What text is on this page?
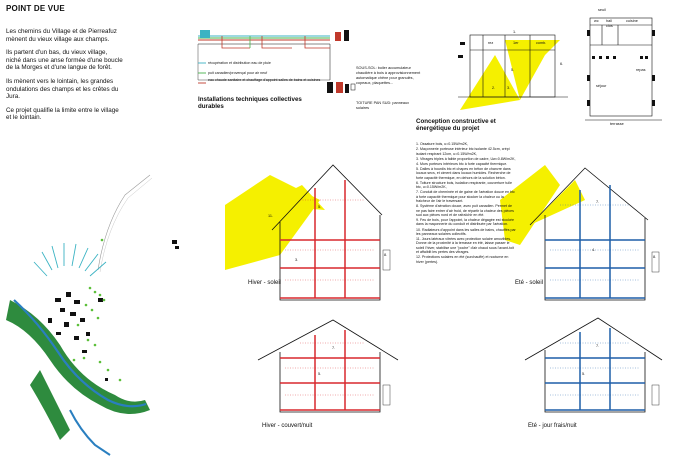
POINT DE VUE

Les chemins du Village et de Pierreafuz mènent du vieux village aux champs.

Ils partent d'un bas, du vieux village, niché dans une anse formée d'une boucle de la Morges et d'une langue de forêt.

Ils mènent vers le lointain, les grandes ondulations des champs et les crêtes du Jura.

Ce projet qualifie la limite entre le village et le lointain.

récupération et distribution eau de pluie
puit canadien/provençal pour air neuf
eau chaude sanitaire et chauffage d'appoint salles de bains et cuisines
Installations techniques collectives durables
SOUS-SOL: boiler accumulateur chaudière à bois à approvisionnement automatique chêne pour granulés, copeaux, plaquettes...
TOITURE PAN SUD: panneaux solaires
Conception constructive et énergétique du projet
1. Ossature bois, u=0.15W/m2K,
2. Maçonnerie porteuse intérieur btc isolante 42.5cm, crépi isolant respirant 12cm, u=0.15W/m2K,
3. Vitrages triples à faible proportion de cadre, Uw=0.8W/m2K,
4. Murs porteurs intérieurs btc à forte capacité thermique.
5. Dalles à hourdis btc et chapes en béton de chanvre dans locaux secs, et ciment dans locaux humides. Recherche de forte capacité thermique, en dehors de la solution béton.
6. Toiture structure bois, isolation respirante, couverture tuile btc, u=0.15W/m2K,
7. Conduit de cheminée et de gaine de l'aération douce en btc à forte capacité thermique pour stocker la chaleur ou la fraicheur de l'air le traversant.
8. Système d'aération douce, avec puit canadien. Permet de ne pas faire entrer d'air froid, de répartir la chaleur des pièces sud aux pièces nord et de rafraîchir en été.
9. Feu de bois, pour l'appoint, la chaleur dégagée est stockée dans la maçonnerie du conduit et distribuée par l'aération.
10. Radiateurs d'appoint dans les salles de bains, chauffés par les panneaux solaires collectifs.
11. Jours latéraux vitrées avec protection solaire amovibles. Donne de la proximité à la terrasse en été, laisse passer le soleil l'hiver, stabilise une "poche" d'air chaud sous l'avant-toit et affaiblit les pertes des vitrages.
12. Protections solaires en été (surchauffe) et nocturne en hiver (pertes).
seuil
wc hall clos
cuisine
repas
séjour
terrasse
rez	1er	comb.
1.
5.
6.
3.
2.
5.
3.
8.
11.
5.
7.
7.
8.
4.
7.
5.
Hiver - soleil	Eté - soleil
Hiver - couvert/nuit	Eté - jour frais/nuit
